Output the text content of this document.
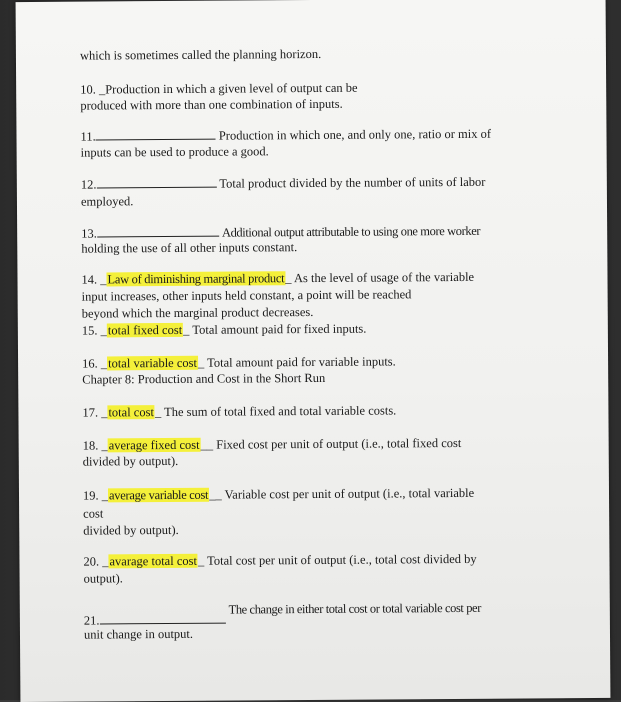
which is sometimes called the planning horizon.
10. _Production in which a given level of output can be
produced with more than one combination of inputs.
11.	Production in which one, and only one, ratio or mix of
inputs can be used to produce a good.
12.	Total product divided by the number of units of labor
employed.
13.	Additional output attributable to using one more worker
holding the use of all other inputs constant.
14. _Law of diminishing marginal product_ As the level of usage of the variable
input increases, other inputs held constant, a point will be reached
beyond which the marginal product decreases.
15. _total fixed cost_ Total amount paid for fixed inputs.
16. _total variable cost_ Total amount paid for variable inputs.
Chapter 8: Production and Cost in the Short Run
17. _total cost_ The sum of total fixed and total variable costs.
18. _average fixed cost__ Fixed cost per unit of output (i.e., total fixed cost
divided by output).
19. _average variable cost__ Variable cost per unit of output (i.e., total variable
cost
divided by output).
20. _avarage total cost_ Total cost per unit of output (i.e., total cost divided by
output).
21. The change in either total cost or total variable cost per
unit change in output.
